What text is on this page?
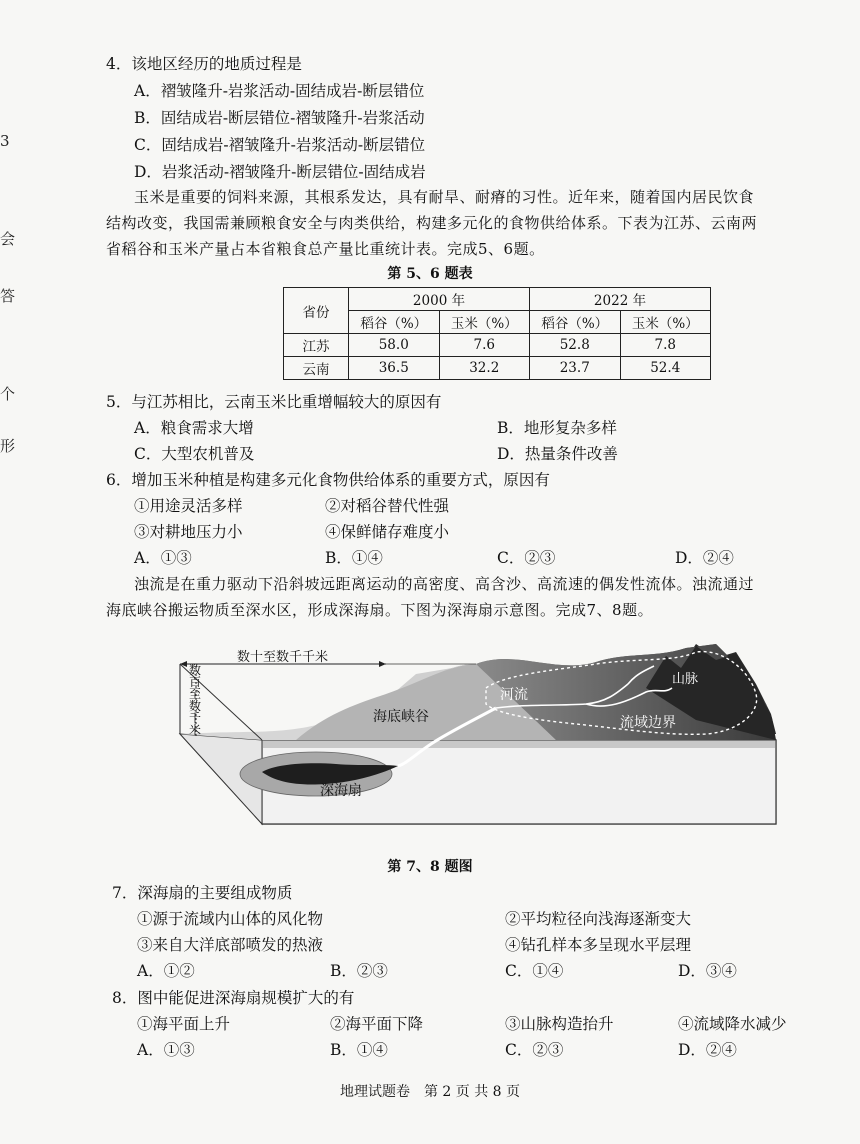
3
会
答
个
形
4．该地区经历的地质过程是
A．褶皱隆升-岩浆活动-固结成岩-断层错位
B．固结成岩-断层错位-褶皱隆升-岩浆活动
C．固结成岩-褶皱隆升-岩浆活动-断层错位
D．岩浆活动-褶皱隆升-断层错位-固结成岩
玉米是重要的饲料来源，其根系发达，具有耐旱、耐瘠的习性。近年来，随着国内居民饮食
结构改变，我国需兼顾粮食安全与肉类供给，构建多元化的食物供给体系。下表为江苏、云南两
省稻谷和玉米产量占本省粮食总产量比重统计表。完成5、6题。
第 5、6 题表
省份	2000 年		2022 年	
	稻谷（%）	玉米（%）	稻谷（%）	玉米（%）
江苏	58.0	7.6	52.8	7.8
云南	36.5	32.2	23.7	52.4
5．与江苏相比，云南玉米比重增幅较大的原因有
A．粮食需求大增	B．地形复杂多样
C．大型农机普及	D．热量条件改善
6．增加玉米种植是构建多元化食物供给体系的重要方式，原因有
①用途灵活多样	②对稻谷替代性强
③对耕地压力小	④保鲜储存难度小
A．①③	B．①④	C．②③	D．②④
浊流是在重力驱动下沿斜坡远距离运动的高密度、高含沙、高流速的偶发性流体。浊流通过
海底峡谷搬运物质至深水区，形成深海扇。下图为深海扇示意图。完成7、8题。
数十至数千千米
数
百
至
数
千
米
海底峡谷
河流
流域边界
山脉
深海扇
第 7、8 题图
7．深海扇的主要组成物质
①源于流域内山体的风化物	②平均粒径向浅海逐渐变大
③来自大洋底部喷发的热液	④钻孔样本多呈现水平层理
A．①②	B．②③	C．①④	D．③④
8．图中能促进深海扇规模扩大的有
①海平面上升	②海平面下降	③山脉构造抬升	④流域降水减少
A．①③	B．①④	C．②③	D．②④
地理试题卷　第 2 页 共 8 页
